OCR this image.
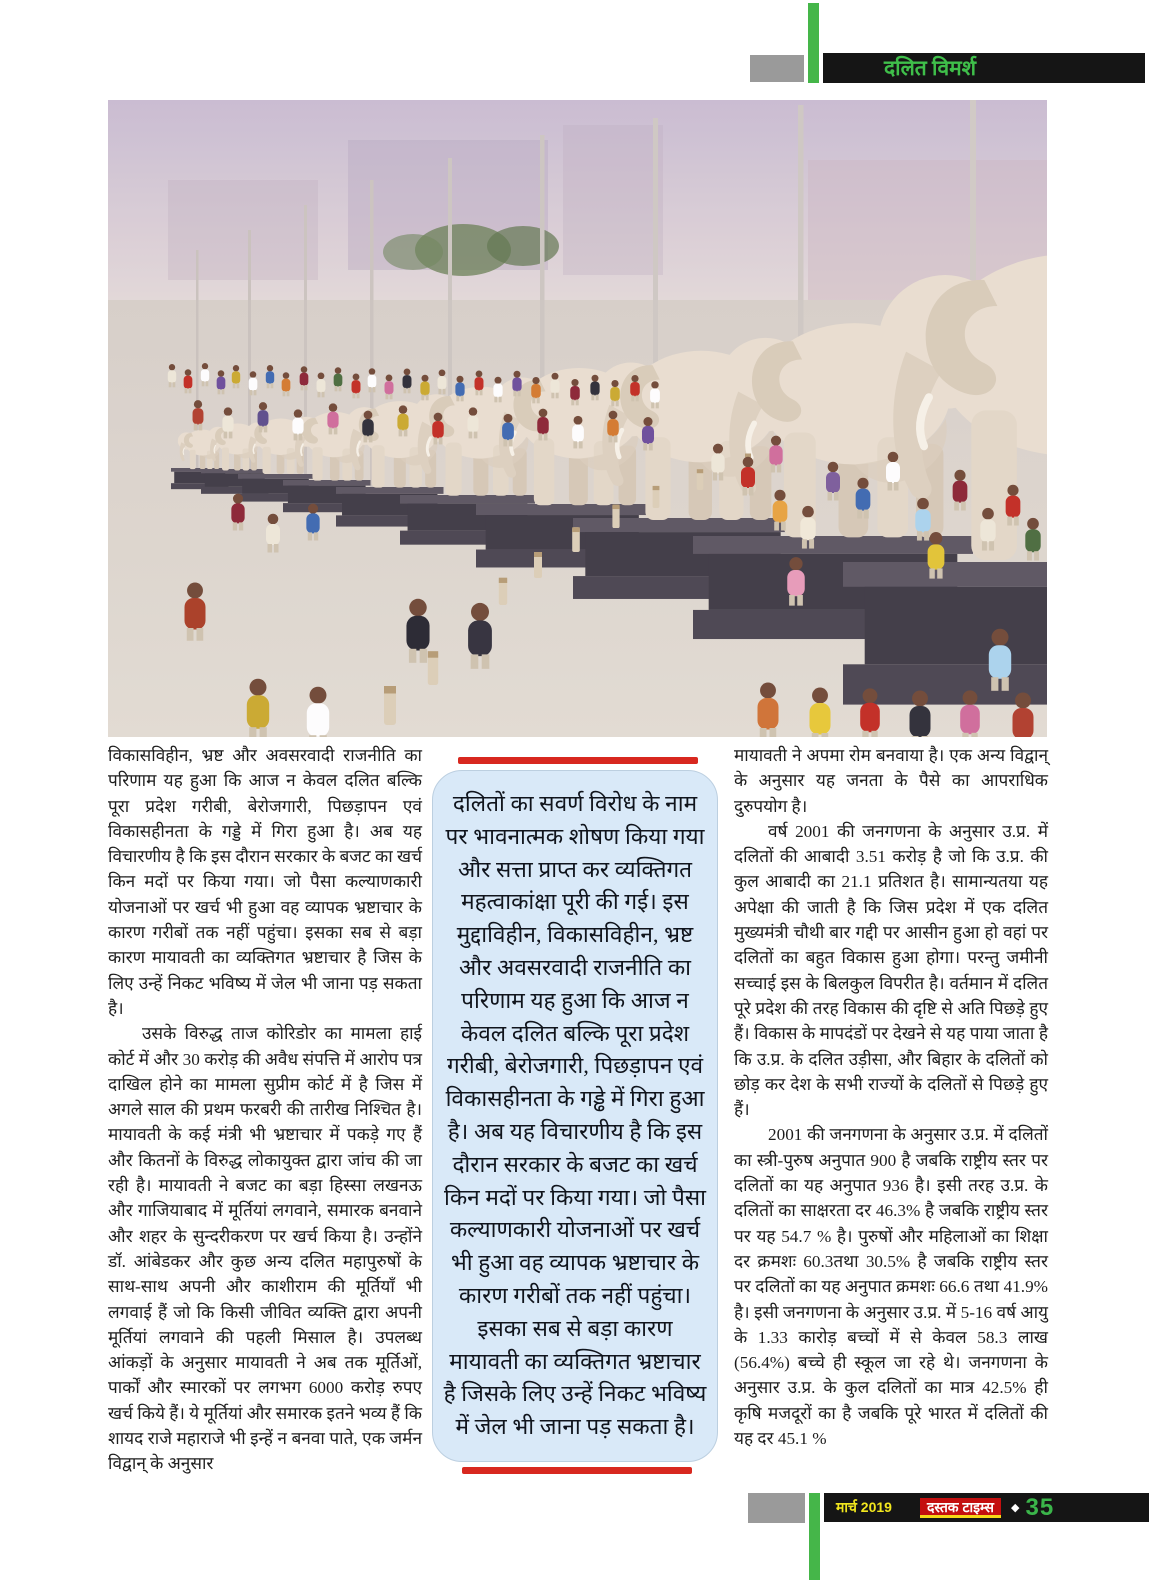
दलित विमर्श

विकासविहीन, भ्रष्ट और अवसरवादी राजनीति का परिणाम यह हुआ कि आज न केवल दलित बल्कि पूरा प्रदेश गरीबी, बेरोजगारी, पिछड़ापन एवं विकासहीनता के गड्डे में गिरा हुआ है। अब यह विचारणीय है कि इस दौरान सरकार के बजट का खर्च किन मदों पर किया गया। जो पैसा कल्याणकारी योजनाओं पर खर्च भी हुआ वह व्यापक भ्रष्टाचार के कारण गरीबों तक नहीं पहुंचा। इसका सब से बड़ा कारण मायावती का व्यक्तिगत भ्रष्टाचार है जिस के लिए उन्हें निकट भविष्य में जेल भी जाना पड़ सकता है।

उसके विरुद्ध ताज कोरिडोर का मामला हाई कोर्ट में और 30 करोड़ की अवैध संपत्ति में आरोप पत्र दाखिल होने का मामला सुप्रीम कोर्ट में है जिस में अगले साल की प्रथम फरबरी की तारीख निश्चित है। मायावती के कई मंत्री भी भ्रष्टाचार में पकड़े गए हैं और कितनों के विरुद्ध लोकायुक्त द्वारा जांच की जा रही है। मायावती ने बजट का बड़ा हिस्सा लखनऊ और गाजियाबाद में मूर्तियां लगवाने, समारक बनवाने और शहर के सुन्दरीकरण पर खर्च किया है। उन्होंने डॉ. आंबेडकर और कुछ अन्य दलित महापुरुषों के साथ-साथ अपनी और काशीराम की मूर्तियाँ भी लगवाई हैं जो कि किसी जीवित व्यक्ति द्वारा अपनी मूर्तियां लगवाने की पहली मिसाल है। उपलब्ध आंकड़ों के अनुसार मायावती ने अब तक मूर्तिओं, पार्कों और स्मारकों पर लगभग 6000 करोड़ रुपए खर्च किये हैं। ये मूर्तियां और समारक इतने भव्य हैं कि शायद राजे महाराजे भी इन्हें न बनवा पाते, एक जर्मन विद्वान् के अनुसार

दलितों का सवर्ण विरोध के नाम पर भावनात्मक शोषण किया गया और सत्ता प्राप्त कर व्यक्तिगत महत्वाकांक्षा पूरी की गई। इस मुद्दाविहीन, विकासविहीन, भ्रष्ट और अवसरवादी राजनीति का परिणाम यह हुआ कि आज न केवल दलित बल्कि पूरा प्रदेश गरीबी, बेरोजगारी, पिछड़ापन एवं विकासहीनता के गड्ढे में गिरा हुआ है। अब यह विचारणीय है कि इस दौरान सरकार के बजट का खर्च किन मदों पर किया गया। जो पैसा कल्याणकारी योजनाओं पर खर्च भी हुआ वह व्यापक भ्रष्टाचार के कारण गरीबों तक नहीं पहुंचा। इसका सब से बड़ा कारण मायावती का व्यक्तिगत भ्रष्टाचार है जिसके लिए उन्हें निकट भविष्य में जेल भी जाना पड़ सकता है।

मायावती ने अपमा रोम बनवाया है। एक अन्य विद्वान् के अनुसार यह जनता के पैसे का आपराधिक दुरुपयोग है।

वर्ष 2001 की जनगणना के अनुसार उ.प्र. में दलितों की आबादी 3.51 करोड़ है जो कि उ.प्र. की कुल आबादी का 21.1 प्रतिशत है। सामान्यतया यह अपेक्षा की जाती है कि जिस प्रदेश में एक दलित मुख्यमंत्री चौथी बार गद्दी पर आसीन हुआ हो वहां पर दलितों का बहुत विकास हुआ होगा। परन्तु जमीनी सच्चाई इस के बिलकुल विपरीत है। वर्तमान में दलित पूरे प्रदेश की तरह विकास की दृष्टि से अति पिछड़े हुए हैं। विकास के मापदंडों पर देखने से यह पाया जाता है कि उ.प्र. के दलित उड़ीसा, और बिहार के दलितों को छोड़ कर देश के सभी राज्यों के दलितों से पिछड़े हुए हैं।

2001 की जनगणना के अनुसार उ.प्र. में दलितों का स्त्री-पुरुष अनुपात 900 है जबकि राष्ट्रीय स्तर पर दलितों का यह अनुपात 936 है। इसी तरह उ.प्र. के दलितों का साक्षरता दर 46.3% है जबकि राष्ट्रीय स्तर पर यह 54.7 % है। पुरुषों और महिलाओं का शिक्षा दर क्रमशः 60.3तथा 30.5% है जबकि राष्ट्रीय स्तर पर दलितों का यह अनुपात क्रमशः 66.6 तथा 41.9% है। इसी जनगणना के अनुसार उ.प्र. में 5-16 वर्ष आयु के 1.33 कारोड़ बच्चों में से केवल 58.3 लाख (56.4%) बच्चे ही स्कूल जा रहे थे। जनगणना के अनुसार उ.प्र. के कुल दलितों का मात्र 42.5% ही कृषि मजदूरों का है जबकि पूरे भारत में दलितों की यह दर 45.1 %

मार्च 2019	दस्तक टाइम्स	◆ 35
